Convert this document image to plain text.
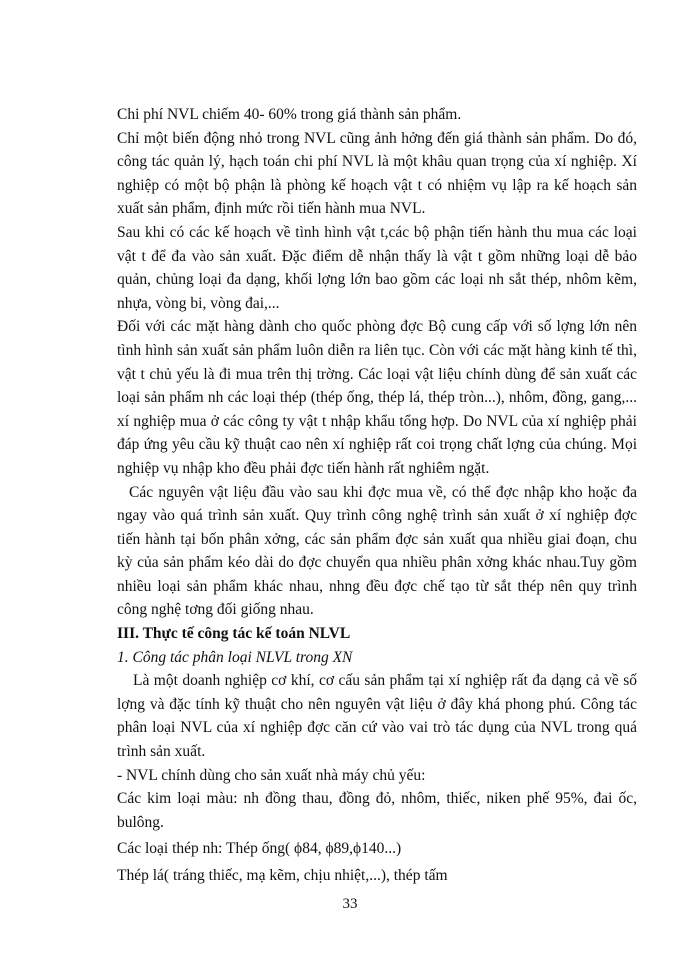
Chi phí NVL chiếm 40- 60% trong giá thành sản phẩm.

Chỉ một biến động nhỏ trong NVL cũng ảnh hởng đến giá thành sản phẩm. Do đó, công tác quản lý, hạch toán chi phí NVL là một khâu quan trọng của xí nghiệp. Xí nghiệp có một bộ phận là phòng kế hoạch vật t có nhiệm vụ lập ra kế hoạch sản xuất sản phẩm, định mức rồi tiến hành mua NVL.

Sau khi có các kế hoạch về tình hình vật t,các bộ phận tiến hành thu mua các loại vật t để đa vào sản xuất. Đặc điểm dễ nhận thấy là vật t gồm những loại dễ bảo quản, chủng loại đa dạng, khối lợng lớn bao gồm các loại nh sắt thép, nhôm kẽm, nhựa, vòng bi, vòng đai,...

Đối với các mặt hàng dành cho quốc phòng đợc Bộ cung cấp với số lợng lớn nên tình hình sản xuất sản phẩm luôn diễn ra liên tục. Còn với các mặt hàng kinh tế thì, vật t chủ yếu là đi mua trên thị trờng. Các loại vật liệu chính dùng để sản xuất các loại sản phẩm nh các loại thép (thép ống, thép lá, thép tròn...), nhôm, đồng, gang,... xí nghiệp mua ở các công ty vật t nhập khẩu tổng hợp. Do NVL của xí nghiệp phải đáp ứng yêu cầu kỹ thuật cao nên xí nghiệp rất coi trọng chất lợng của chúng. Mọi nghiệp vụ nhập kho đều phải đợc tiến hành rất nghiêm ngặt.

Các nguyên vật liệu đầu vào sau khi đợc mua về, có thể đợc nhập kho hoặc đa ngay vào quá trình sản xuất. Quy trình công nghệ trình sản xuất ở xí nghiệp đợc tiến hành tại bốn phân xởng, các sản phẩm đợc sản xuất qua nhiều giai đoạn, chu kỳ của sản phẩm kéo dài do đợc chuyển qua nhiều phân xởng khác nhau.Tuy gồm nhiều loại sản phẩm khác nhau, nhng đều đợc chế tạo từ sắt thép nên quy trình công nghệ tơng đối giống nhau.

III. Thực tế công tác kế toán NLVL

1. Công tác phân loại NLVL trong XN

Là một doanh nghiệp cơ khí, cơ cấu sản phẩm tại xí nghiệp rất đa dạng cả về số lợng và đặc tính kỹ thuật cho nên nguyên vật liệu ở đây khá phong phú. Công tác phân loại NVL của xí nghiệp đợc căn cứ vào vai trò tác dụng của NVL trong quá trình sản xuất.

- NVL chính dùng cho sản xuất nhà máy chủ yếu:

Các kim loại màu: nh đồng thau, đồng đỏ, nhôm, thiếc, niken phế 95%, đai ốc, bulông.

Các loại thép nh: Thép ống( ϕ84, ϕ89,ϕ140...)

Thép lá( tráng thiếc, mạ kẽm, chịu nhiệt,...), thép tấm

33
